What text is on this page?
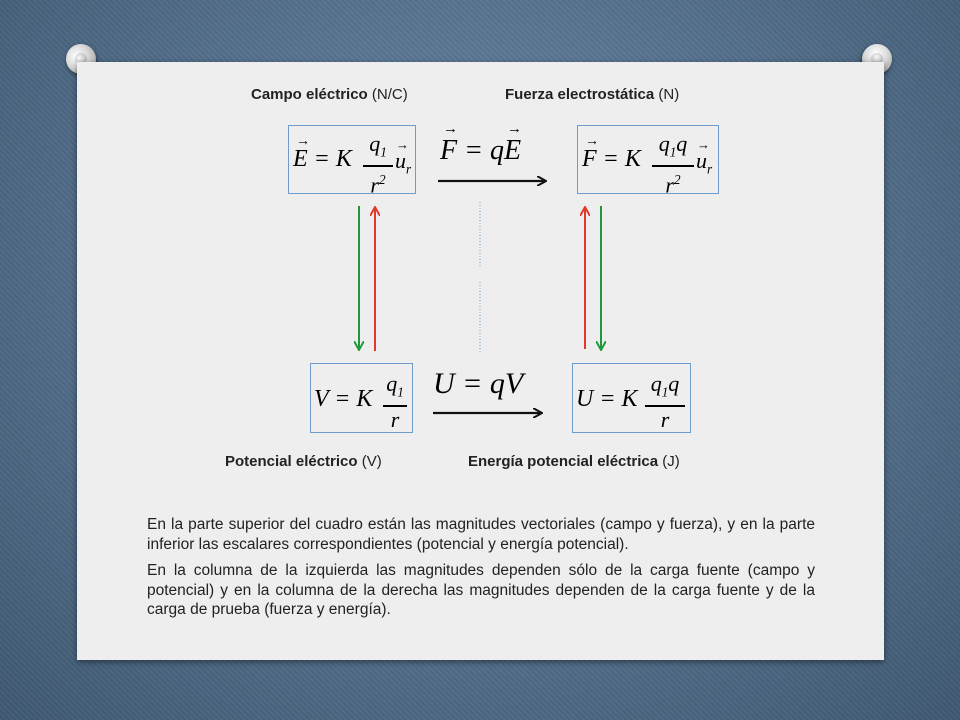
Campo eléctrico (N/C)	Fuerza electrostática (N)
Potencial eléctrico (V)	Energía potencial eléctrica (J)
E
→
= K
$q_1$
$r^2$
u
→
$_r$
F
→
= qE
→
F
→
= K
$q_1q$
$r^2$
u
→
$_r$
V = K
$q_1$
r
U = qV U = K
$q_1q$
r

En la parte superior del cuadro están las magnitudes vectoriales (campo y fuerza), y en la parte inferior las escalares correspondientes (potencial y energía potencial).

En la columna de la izquierda las magnitudes dependen sólo de la carga fuente (campo y potencial) y en la columna de la derecha las magnitudes dependen de la carga fuente y de la carga de prueba (fuerza y energía).
